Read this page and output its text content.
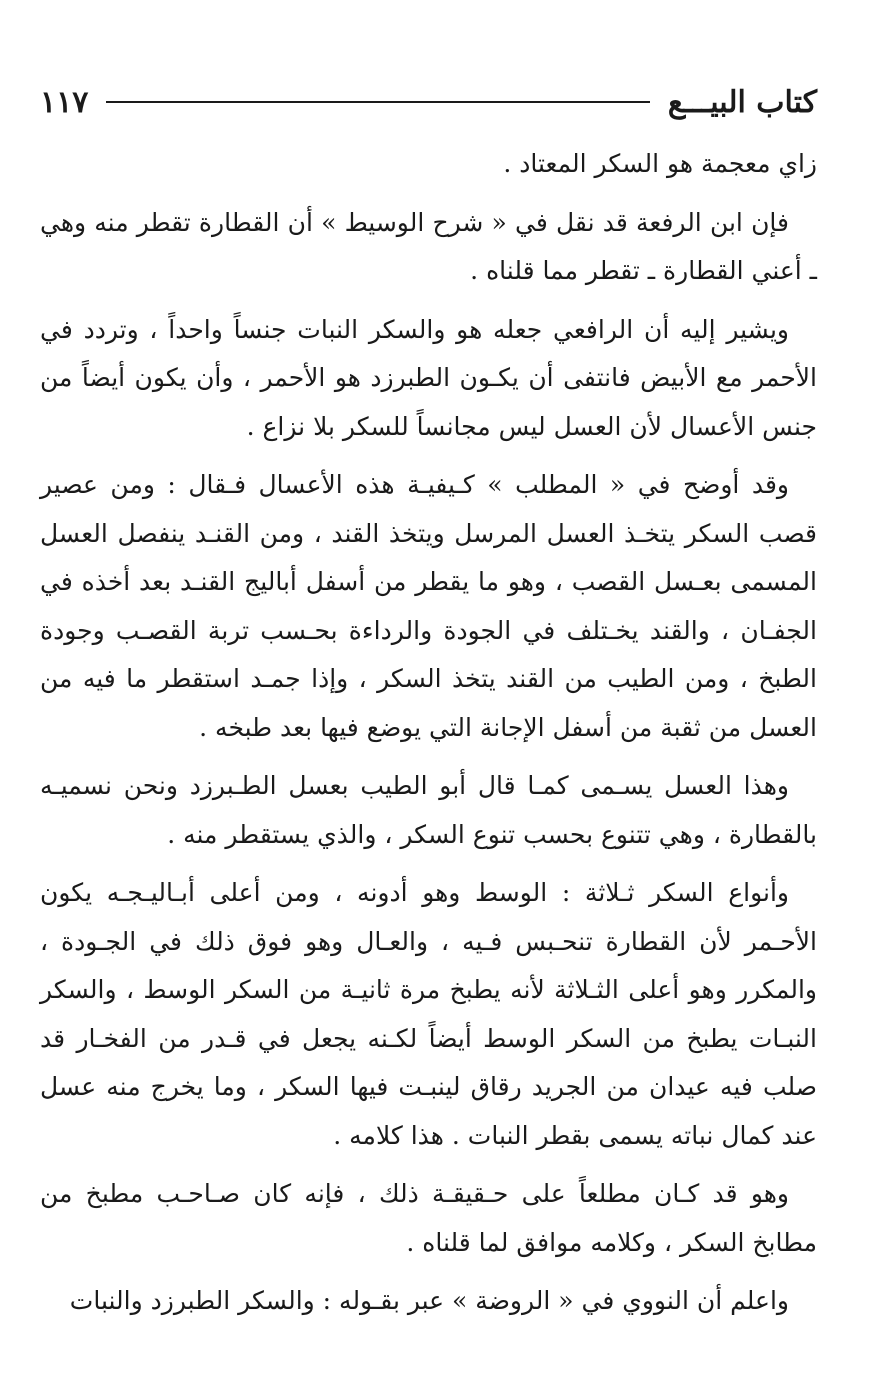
كتاب البيـــع
١١٧

زاي معجمة هو السكر المعتاد .

فإن ابن الرفعة قد نقل في « شرح الوسيط » أن القطارة تقطر منه وهي ـ أعني القطارة ـ تقطر مما قلناه .

ويشير إليه أن الرافعي جعله هو والسكر النبات جنساً واحداً ، وتردد في الأحمر مع الأبيض فانتفى أن يكـون الطبرزد هو الأحمر ، وأن يكون أيضاً من جنس الأعسال لأن العسل ليس مجانساً للسكر بلا نزاع .

وقد أوضح في « المطلب » كـيفيـة هذه الأعسال فـقال : ومن عصير قصب السكر يتخـذ العسل المرسل ويتخذ القند ، ومن القنـد ينفصل العسل المسمى بعـسل القصب ، وهو ما يقطر من أسفل أباليج القنـد بعد أخذه في الجفـان ، والقند يخـتلف في الجودة والرداءة بحـسب تربة القصـب وجودة الطبخ ، ومن الطيب من القند يتخذ السكر ، وإذا جمـد استقطر ما فيه من العسل من ثقبة من أسفل الإجانة التي يوضع فيها بعد طبخه .

وهذا العسل يسـمى كمـا قال أبو الطيب بعسل الطـبرزد ونحن نسميـه بالقطارة ، وهي تتنوع بحسب تنوع السكر ، والذي يستقطر منه .

وأنواع السكر ثـلاثة : الوسط وهو أدونه ، ومن أعلى أبـاليـجـه يكون الأحـمر لأن القطارة تنحـبس فـيه ، والعـال وهو فوق ذلك في الجـودة ، والمكرر وهو أعلى الثـلاثة لأنه يطبخ مرة ثانيـة من السكر الوسط ، والسكر النبـات يطبخ من السكر الوسط أيضاً لكـنه يجعل في قـدر من الفخـار قد صلب فيه عيدان من الجريد رقاق لينبـت فيها السكر ، وما يخرج منه عسل عند كمال نباته يسمى بقطر النبات . هذا كلامه .

وهو قد كـان مطلعاً على حـقيقـة ذلك ، فإنه كان صـاحـب مطبخ من مطابخ السكر ، وكلامه موافق لما قلناه .

واعلم أن النووي في « الروضة » عبر بقـوله : والسكر الطبرزد والنبات
